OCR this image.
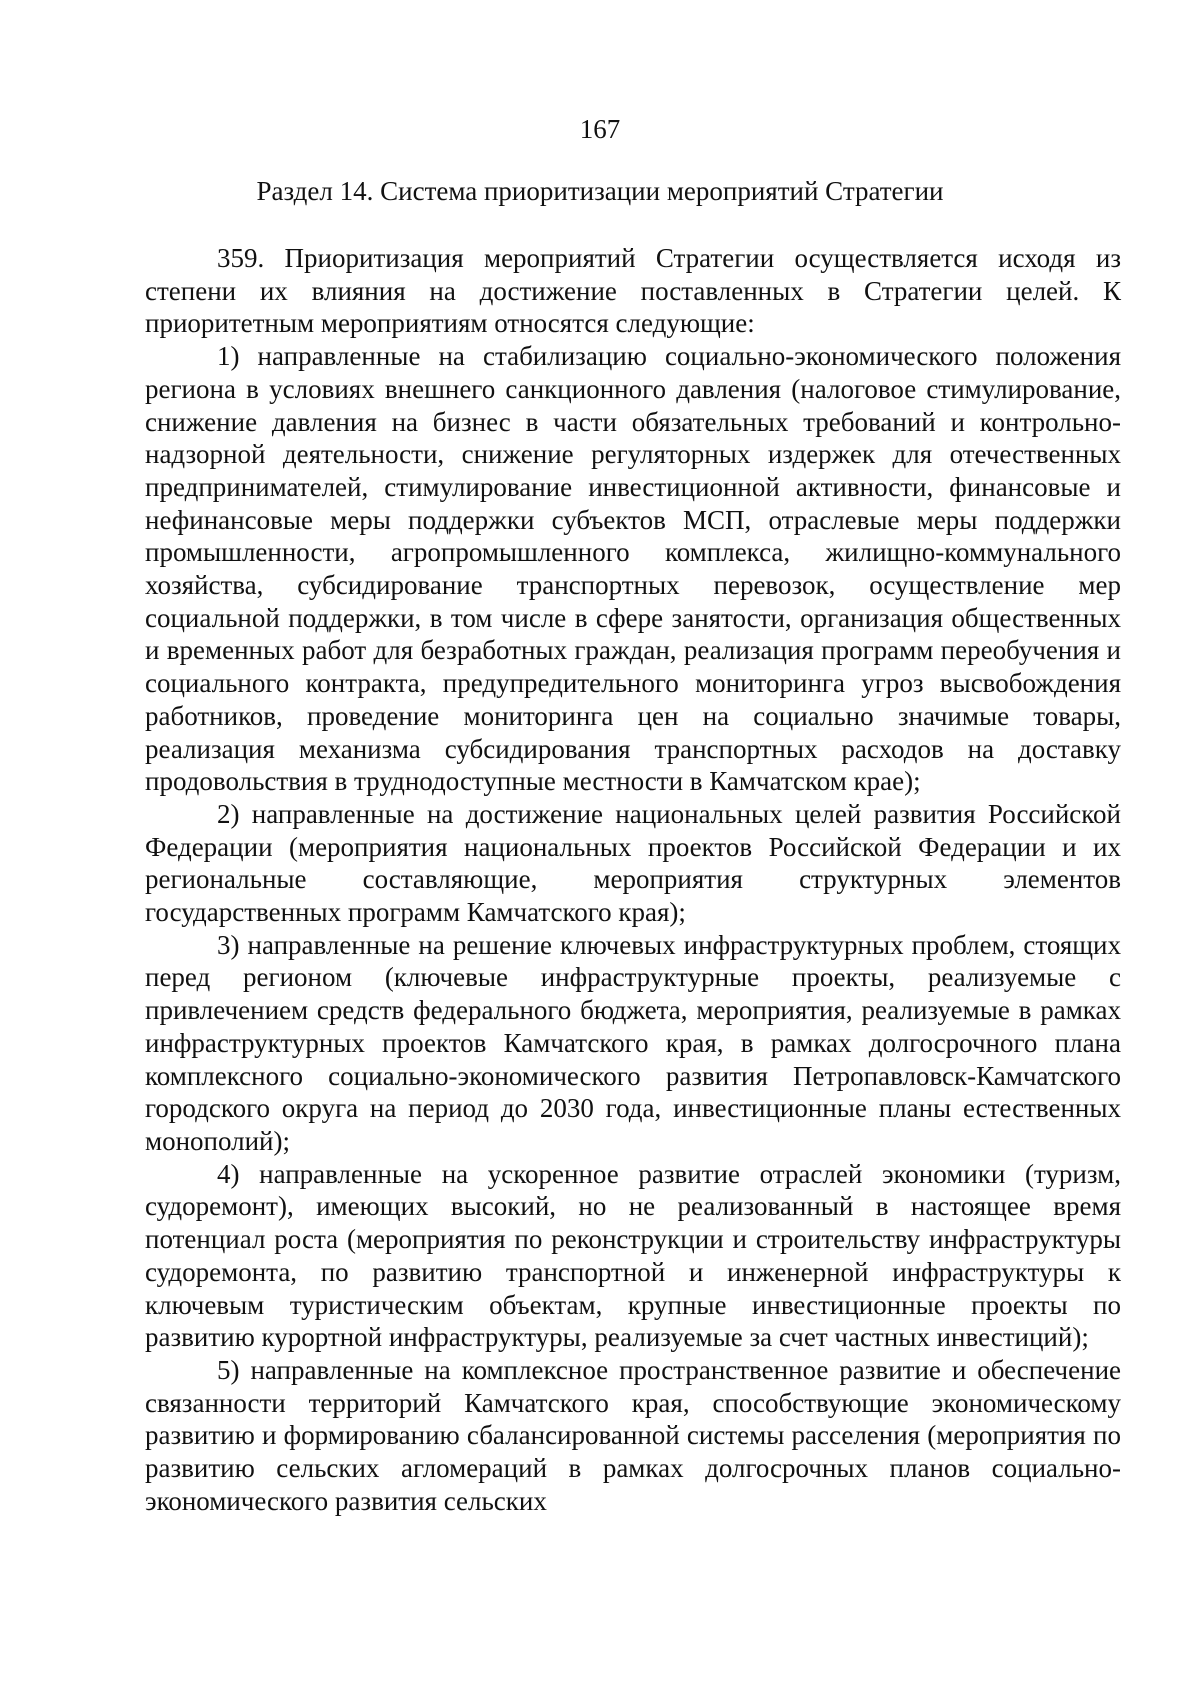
167
Раздел 14. Система приоритизации мероприятий Стратегии

359. Приоритизация мероприятий Стратегии осуществляется исходя из степени их влияния на достижение поставленных в Стратегии целей. К приоритетным мероприятиям относятся следующие:

1) направленные на стабилизацию социально-экономического положения региона в условиях внешнего санкционного давления (налоговое стимулирование, снижение давления на бизнес в части обязательных требований и контрольно-надзорной деятельности, снижение регуляторных издержек для отечественных предпринимателей, стимулирование инвестиционной активности, финансовые и нефинансовые меры поддержки субъектов МСП, отраслевые меры поддержки промышленности, агропромышленного комплекса, жилищно-коммунального хозяйства, субсидирование транспортных перевозок, осуществление мер социальной поддержки, в том числе в сфере занятости, организация общественных и временных работ для безработных граждан, реализация программ переобучения и социального контракта, предупредительного мониторинга угроз высвобождения работников, проведение мониторинга цен на социально значимые товары, реализация механизма субсидирования транспортных расходов на доставку продовольствия в труднодоступные местности в Камчатском крае);

2) направленные на достижение национальных целей развития Российской Федерации (мероприятия национальных проектов Российской Федерации и их региональные составляющие, мероприятия структурных элементов государственных программ Камчатского края);

3) направленные на решение ключевых инфраструктурных проблем, стоящих перед регионом (ключевые инфраструктурные проекты, реализуемые с привлечением средств федерального бюджета, мероприятия, реализуемые в рамках инфраструктурных проектов Камчатского края, в рамках долгосрочного плана комплексного социально-экономического развития Петропавловск-Камчатского городского округа на период до 2030 года, инвестиционные планы естественных монополий);

4) направленные на ускоренное развитие отраслей экономики (туризм, судоремонт), имеющих высокий, но не реализованный в настоящее время потенциал роста (мероприятия по реконструкции и строительству инфраструктуры судоремонта, по развитию транспортной и инженерной инфраструктуры к ключевым туристическим объектам, крупные инвестиционные проекты по развитию курортной инфраструктуры, реализуемые за счет частных инвестиций);

5) направленные на комплексное пространственное развитие и обеспечение связанности территорий Камчатского края, способствующие экономическому развитию и формированию сбалансированной системы расселения (мероприятия по развитию сельских агломераций в рамках долгосрочных планов социально-экономического развития сельских
